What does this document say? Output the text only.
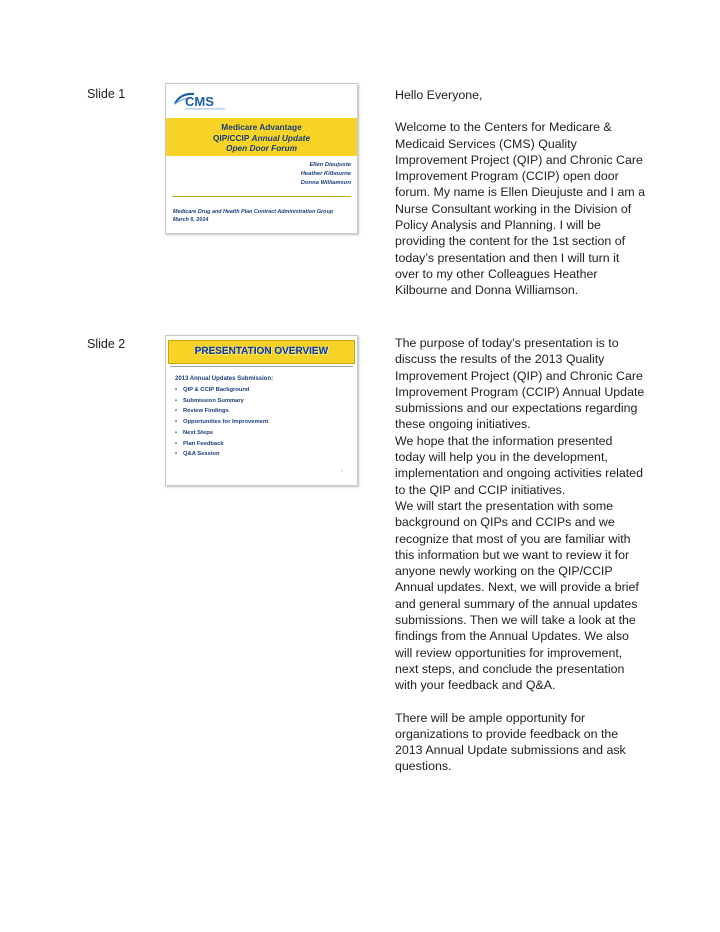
Slide 1	CMS
Medicare Advantage
QIP/CCIP Annual Update
Open Door Forum
Ellen Dieujuste
Heather Kilbourne
Donna Williamson
Medicare Drug and Health Plan Contract Administration Group
March 6, 2014

Hello Everyone,

Welcome to the Centers for Medicare & Medicaid Services (CMS) Quality Improvement Project (QIP) and Chronic Care Improvement Program (CCIP) open door forum. My name is Ellen Dieujuste and I am a Nurse Consultant working in the Division of Policy Analysis and Planning. I will be providing the content for the 1st section of today’s presentation and then I will turn it over to my other Colleagues Heather Kilbourne and Donna Williamson.

Slide 2
PRESENTATION OVERVIEW
2013 Annual Updates Submission:
• QIP & CCIP Background
• Submission Summary
• Review Findings
• Opportunities for Improvement
• Next Steps
• Plan Feedback
• Q&A Session
2

The purpose of today’s presentation is to discuss the results of the 2013 Quality Improvement Project (QIP) and Chronic Care Improvement Program (CCIP) Annual Update submissions and our expectations regarding these ongoing initiatives.
We hope that the information presented today will help you in the development, implementation and ongoing activities related to the QIP and CCIP initiatives.
We will start the presentation with some background on QIPs and CCIPs and we recognize that most of you are familiar with this information but we want to review it for anyone newly working on the QIP/CCIP Annual updates. Next, we will provide a brief and general summary of the annual updates submissions. Then we will take a look at the findings from the Annual Updates. We also will review opportunities for improvement, next steps, and conclude the presentation with your feedback and Q&A.

There will be ample opportunity for organizations to provide feedback on the 2013 Annual Update submissions and ask questions.
